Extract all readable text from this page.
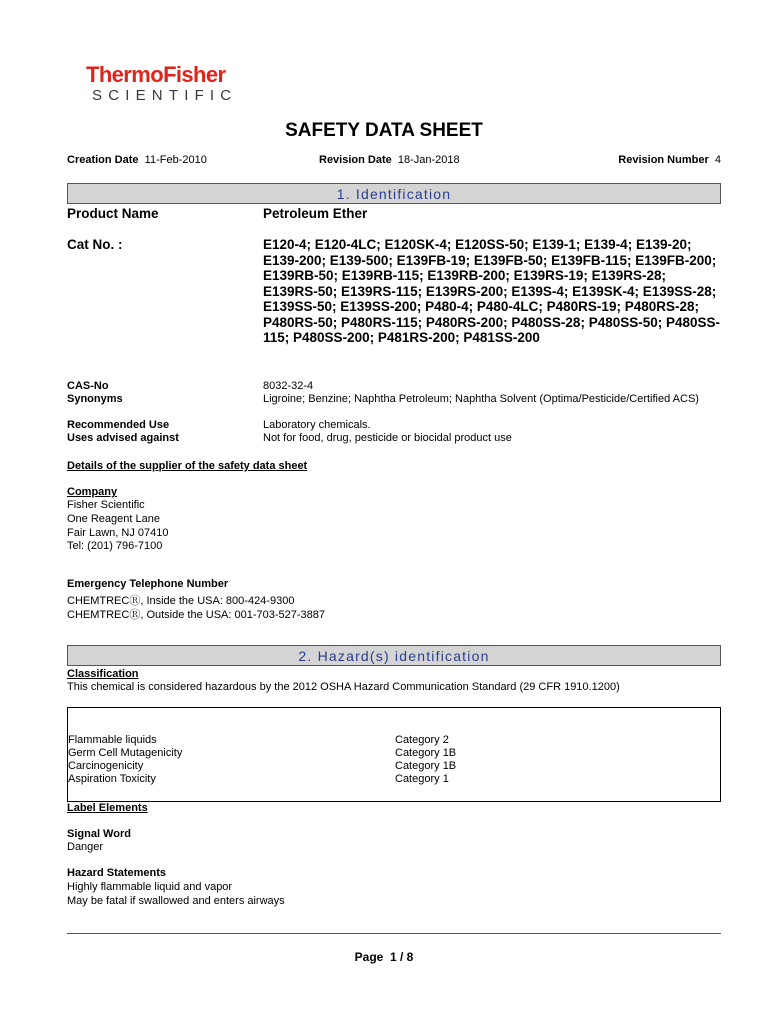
ThermoFisher
SCIENTIFIC
SAFETY DATA SHEET
Creation Date 11-Feb-2010	Revision Date 18-Jan-2018	Revision Number 4
1. Identification
Product Name	Petroleum Ether
Cat No. :	E120-4; E120-4LC; E120SK-4; E120SS-50; E139-1; E139-4; E139-20; E139-200; E139-500; E139FB-19; E139FB-50; E139FB-115; E139FB-200; E139RB-50; E139RB-115; E139RB-200; E139RS-19; E139RS-28; E139RS-50; E139RS-115; E139RS-200; E139S-4; E139SK-4; E139SS-28; E139SS-50; E139SS-200; P480-4; P480-4LC; P480RS-19; P480RS-28; P480RS-50; P480RS-115; P480RS-200; P480SS-28; P480SS-50; P480SS-115; P480SS-200; P481RS-200; P481SS-200
CAS-No	8032-32-4
Synonyms	Ligroine; Benzine; Naphtha Petroleum; Naphtha Solvent (Optima/Pesticide/Certified ACS)
Recommended Use	Laboratory chemicals.
Uses advised against	Not for food, drug, pesticide or biocidal product use
Details of the supplier of the safety data sheet
Company
Fisher Scientific
One Reagent Lane
Fair Lawn, NJ 07410
Tel: (201) 796-7100
Emergency Telephone Number
CHEMTRECⓇ, Inside the USA: 800-424-9300
CHEMTRECⓇ, Outside the USA: 001-703-527-3887
2. Hazard(s) identification
Classification
This chemical is considered hazardous by the 2012 OSHA Hazard Communication Standard (29 CFR 1910.1200)
Flammable liquids	Category 2
Germ Cell Mutagenicity	Category 1B
Carcinogenicity	Category 1B
Aspiration Toxicity	Category 1
Label Elements
Signal Word
Danger
Hazard Statements
Highly flammable liquid and vapor
May be fatal if swallowed and enters airways
Page 1 / 8
